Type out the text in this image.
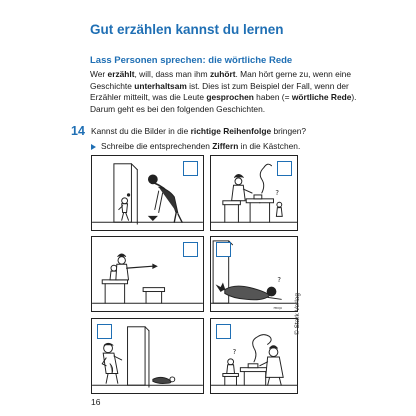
Gut erzählen kannst du lernen
Lass Personen sprechen: die wörtliche Rede

Wer erzählt, will, dass man ihm zuhört. Man hört gerne zu, wenn eine

Geschichte unterhaltsam ist. Dies ist zum Beispiel der Fall, wenn der

Erzähler mitteilt, was die Leute gesprochen haben (= wörtliche Rede).

Darum geht es bei den folgenden Geschichten.

14 Kannst du die Bilder in die richtige Reihenfolge bringen?
Schreibe die entsprechenden Ziffern in die Kästchen.
?
?
mcp
?
© Stark Verlag
16
